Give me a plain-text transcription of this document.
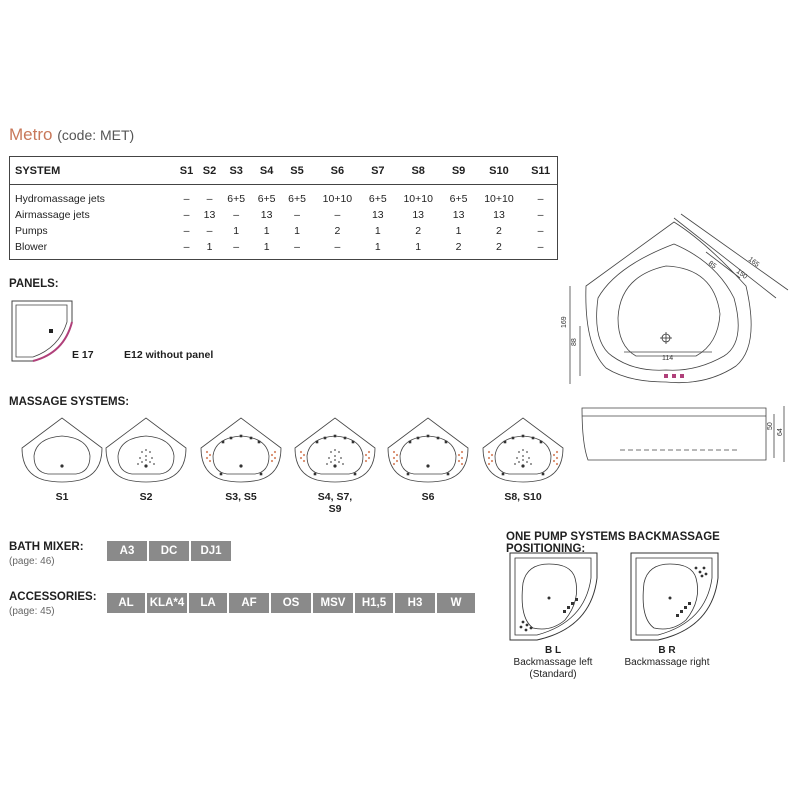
Metro (code: MET)
SYSTEM	S1	S2	S3	S4	S5	S6	S7	S8	S9	S10	S11
Hydromassage jets	–	–	6+5	6+5	6+5	10+10	6+5	10+10	6+5	10+10	–
Airmassage jets	–	13	–	13	–	–	13	13	13	13	–
Pumps	–	–	1	1	1	2	1	2	1	2	–
Blower	–	1	–	1	–	–	1	1	2	2	–
PANELS:
E 17	E12 without panel
MASSAGE SYSTEMS:
S1	S2	S3, S5	S4, S7, S9
S6	S8, S10
BATH MIXER:
(page: 46)
A3	DC	DJ1
ACCESSORIES:
(page: 45)
AL	KLA*4	LA	AF	OS	MSV	H1,5	H3	W
ONE PUMP SYSTEMS BACKMASSAGE POSITIONING:
B L
Backmassage left
(Standard)
B R
Backmassage right
165
150
85
169
88
114
50
64
